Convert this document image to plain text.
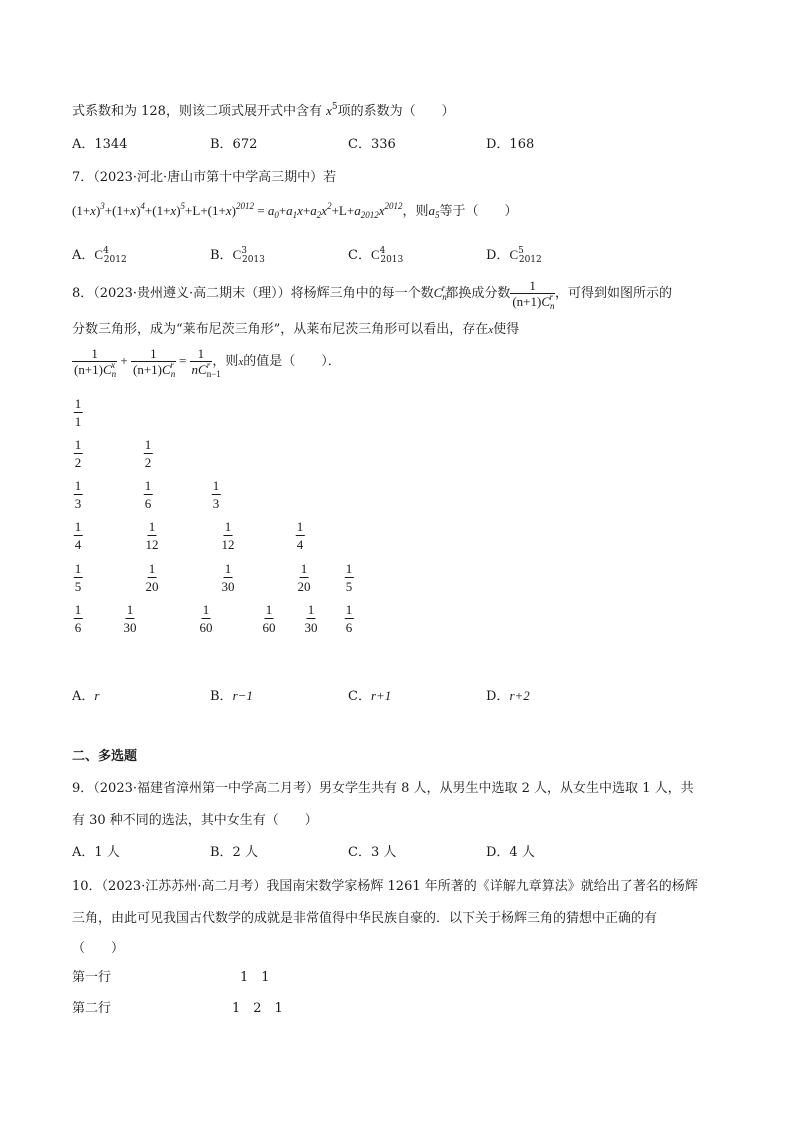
式系数和为 128，则该二项式展开式中含有 $x^5$项的系数为（　　）
A．1344	B．672	C．336	D．168
7．（2023·河北·唐山市第十中学高三期中）若
$(1+x)^3+(1+x)^4+(1+x)^5+L+(1+x)^{2012} = a_0+a_1x+a_2x^2+L+a_{2012}x^{2012}$，则$a_5$等于（　　）
A．$C^4_{2012}$	B．$C^3_{2013}$	C．$C^4_{2013}$	D．$C^5_{2012}$
8．（2023·贵州遵义·高二期末（理））将杨辉三角中的每一个数$C_n^r$都换成分数 $\frac{1}{(n+1)C_n^r}$ ，可得到如图所示的
分数三角形，成为“莱布尼茨三角形”，从莱布尼茨三角形可以看出，存在x使得
$\frac{1}{(n+1)C_n^x} + \frac{1}{(n+1)C_n^r} = \frac{1}{nC_{n-1}^r}$ ，则x的值是（　　）．
$\frac{1}{1}$
$\frac{1}{2}$	$\frac{1}{2}$
$\frac{1}{3}$	$\frac{1}{6}$	$\frac{1}{3}$
$\frac{1}{4}$	$\frac{1}{12}$	$\frac{1}{12}$	$\frac{1}{4}$
$\frac{1}{5}$	$\frac{1}{20}$	$\frac{1}{30}$	$\frac{1}{20}$	$\frac{1}{5}$
$\frac{1}{6}$	$\frac{1}{30}$	$\frac{1}{60}$	$\frac{1}{60} \frac{1}{30} \frac{1}{6}$
A．r	B．r−1	C．r+1	D．r+2
二、多选题
9．（2023·福建省漳州第一中学高二月考）男女学生共有 8 人，从男生中选取 2 人，从女生中选取 1 人，共
有 30 种不同的选法，其中女生有（　　）
A．1 人	B．2 人	C．3 人	D．4 人
10．（2023·江苏苏州·高二月考）我国南宋数学家杨辉 1261 年所著的《详解九章算法》就给出了著名的杨辉
三角，由此可见我国古代数学的成就是非常值得中华民族自豪的．以下关于杨辉三角的猜想中正确的有
（　　）
第一行	1　1
第二行	1　2　1
